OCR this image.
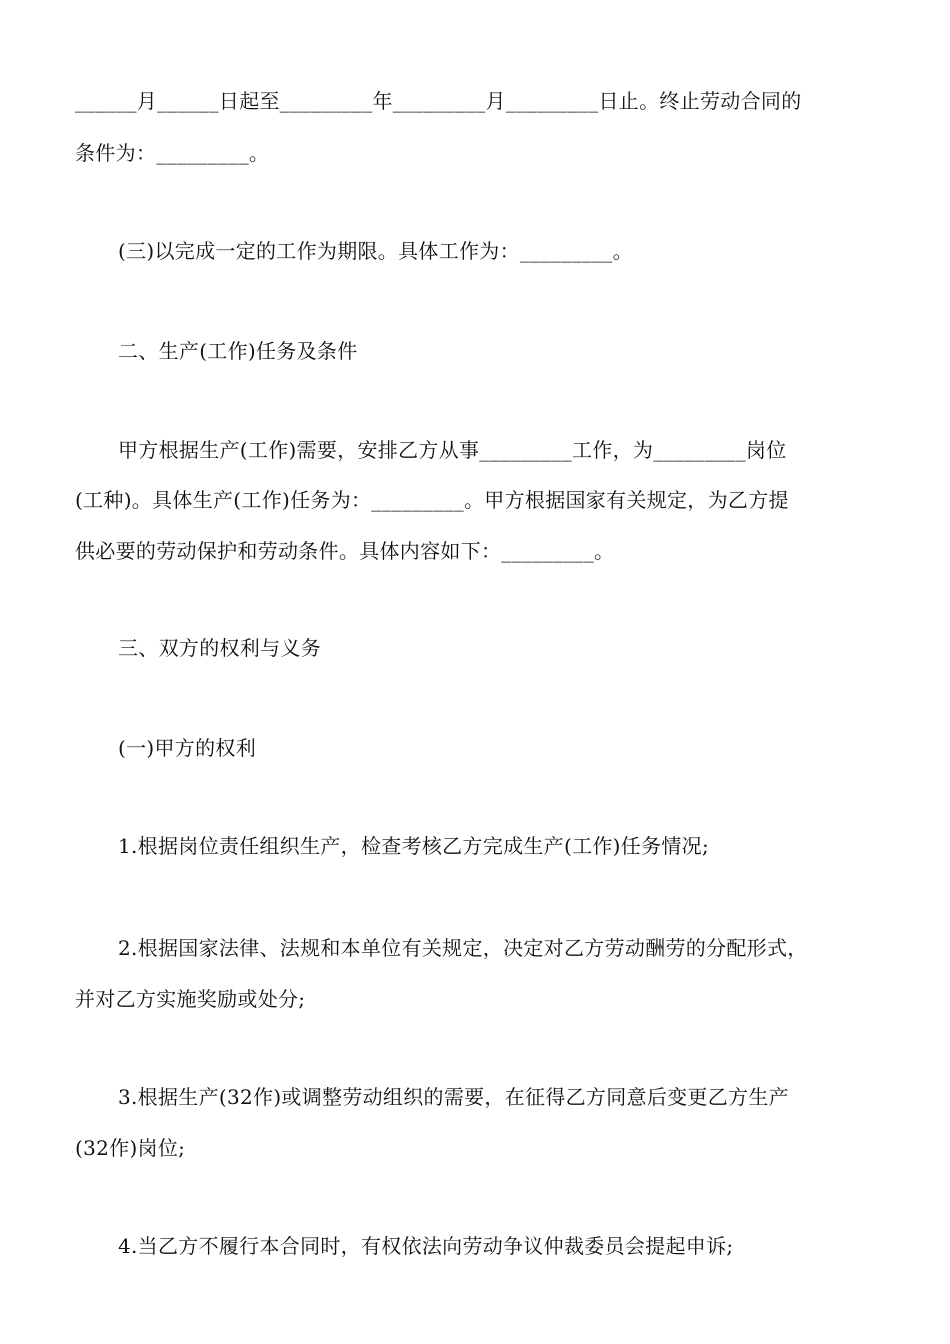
______月______日起至_________年_________月_________日止。终止劳动合同的
条件为：_________。
(三)以完成一定的工作为期限。具体工作为：_________。
二、生产(工作)任务及条件
甲方根据生产(工作)需要，安排乙方从事_________工作，为_________岗位
(工种)。具体生产(工作)任务为：_________。甲方根据国家有关规定，为乙方提
供必要的劳动保护和劳动条件。具体内容如下：_________。
三、双方的权利与义务
(一)甲方的权利
1.根据岗位责任组织生产，检查考核乙方完成生产(工作)任务情况;
2.根据国家法律、法规和本单位有关规定，决定对乙方劳动酬劳的分配形式，
并对乙方实施奖励或处分;
3.根据生产(32作)或调整劳动组织的需要，在征得乙方同意后变更乙方生产
(32作)岗位;
4.当乙方不履行本合同时，有权依法向劳动争议仲裁委员会提起申诉;
